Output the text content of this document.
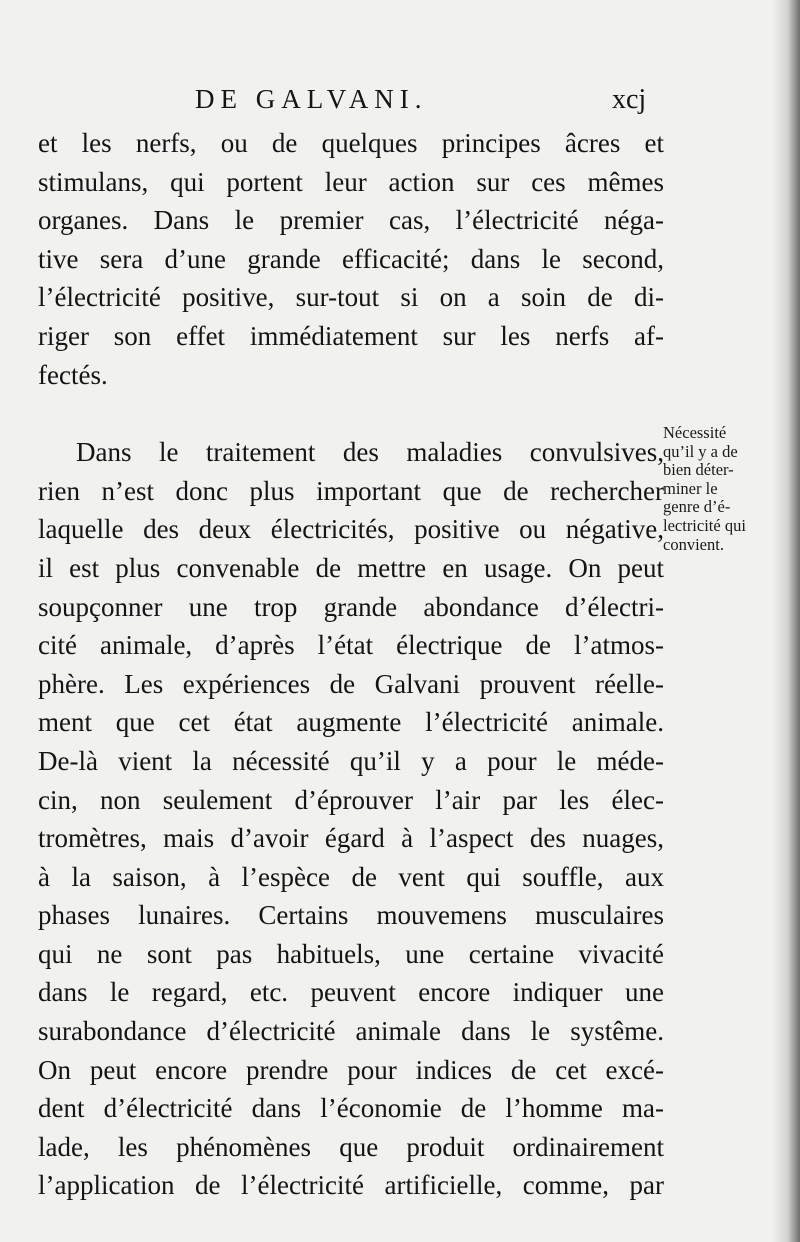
DE GALVANI.	xcj
et les nerfs, ou de quelques principes âcres et
stimulans, qui portent leur action sur ces mêmes
organes. Dans le premier cas, l’électricité néga-
tive sera d’une grande efficacité; dans le second,
l’électricité positive, sur-tout si on a soin de di-
riger son effet immédiatement sur les nerfs af-
fectés.
Dans le traitement des maladies convulsives,
rien n’est donc plus important que de rechercher
laquelle des deux électricités, positive ou négative,
il est plus convenable de mettre en usage. On peut
soupçonner une trop grande abondance d’électri-
cité animale, d’après l’état électrique de l’atmos-
phère. Les expériences de Galvani prouvent réelle-
ment que cet état augmente l’électricité animale.
De-là vient la nécessité qu’il y a pour le méde-
cin, non seulement d’éprouver l’air par les élec-
tromètres, mais d’avoir égard à l’aspect des nuages,
à la saison, à l’espèce de vent qui souffle, aux
phases lunaires. Certains mouvemens musculaires
qui ne sont pas habituels, une certaine vivacité
dans le regard, etc. peuvent encore indiquer une
surabondance d’électricité animale dans le systême.
On peut encore prendre pour indices de cet excé-
dent d’électricité dans l’économie de l’homme ma-
lade, les phénomènes que produit ordinairement
l’application de l’électricité artificielle, comme, par
Nécessité
qu’il y a de
bien déter-
miner le
genre d’é-
lectricité qui
convient.
